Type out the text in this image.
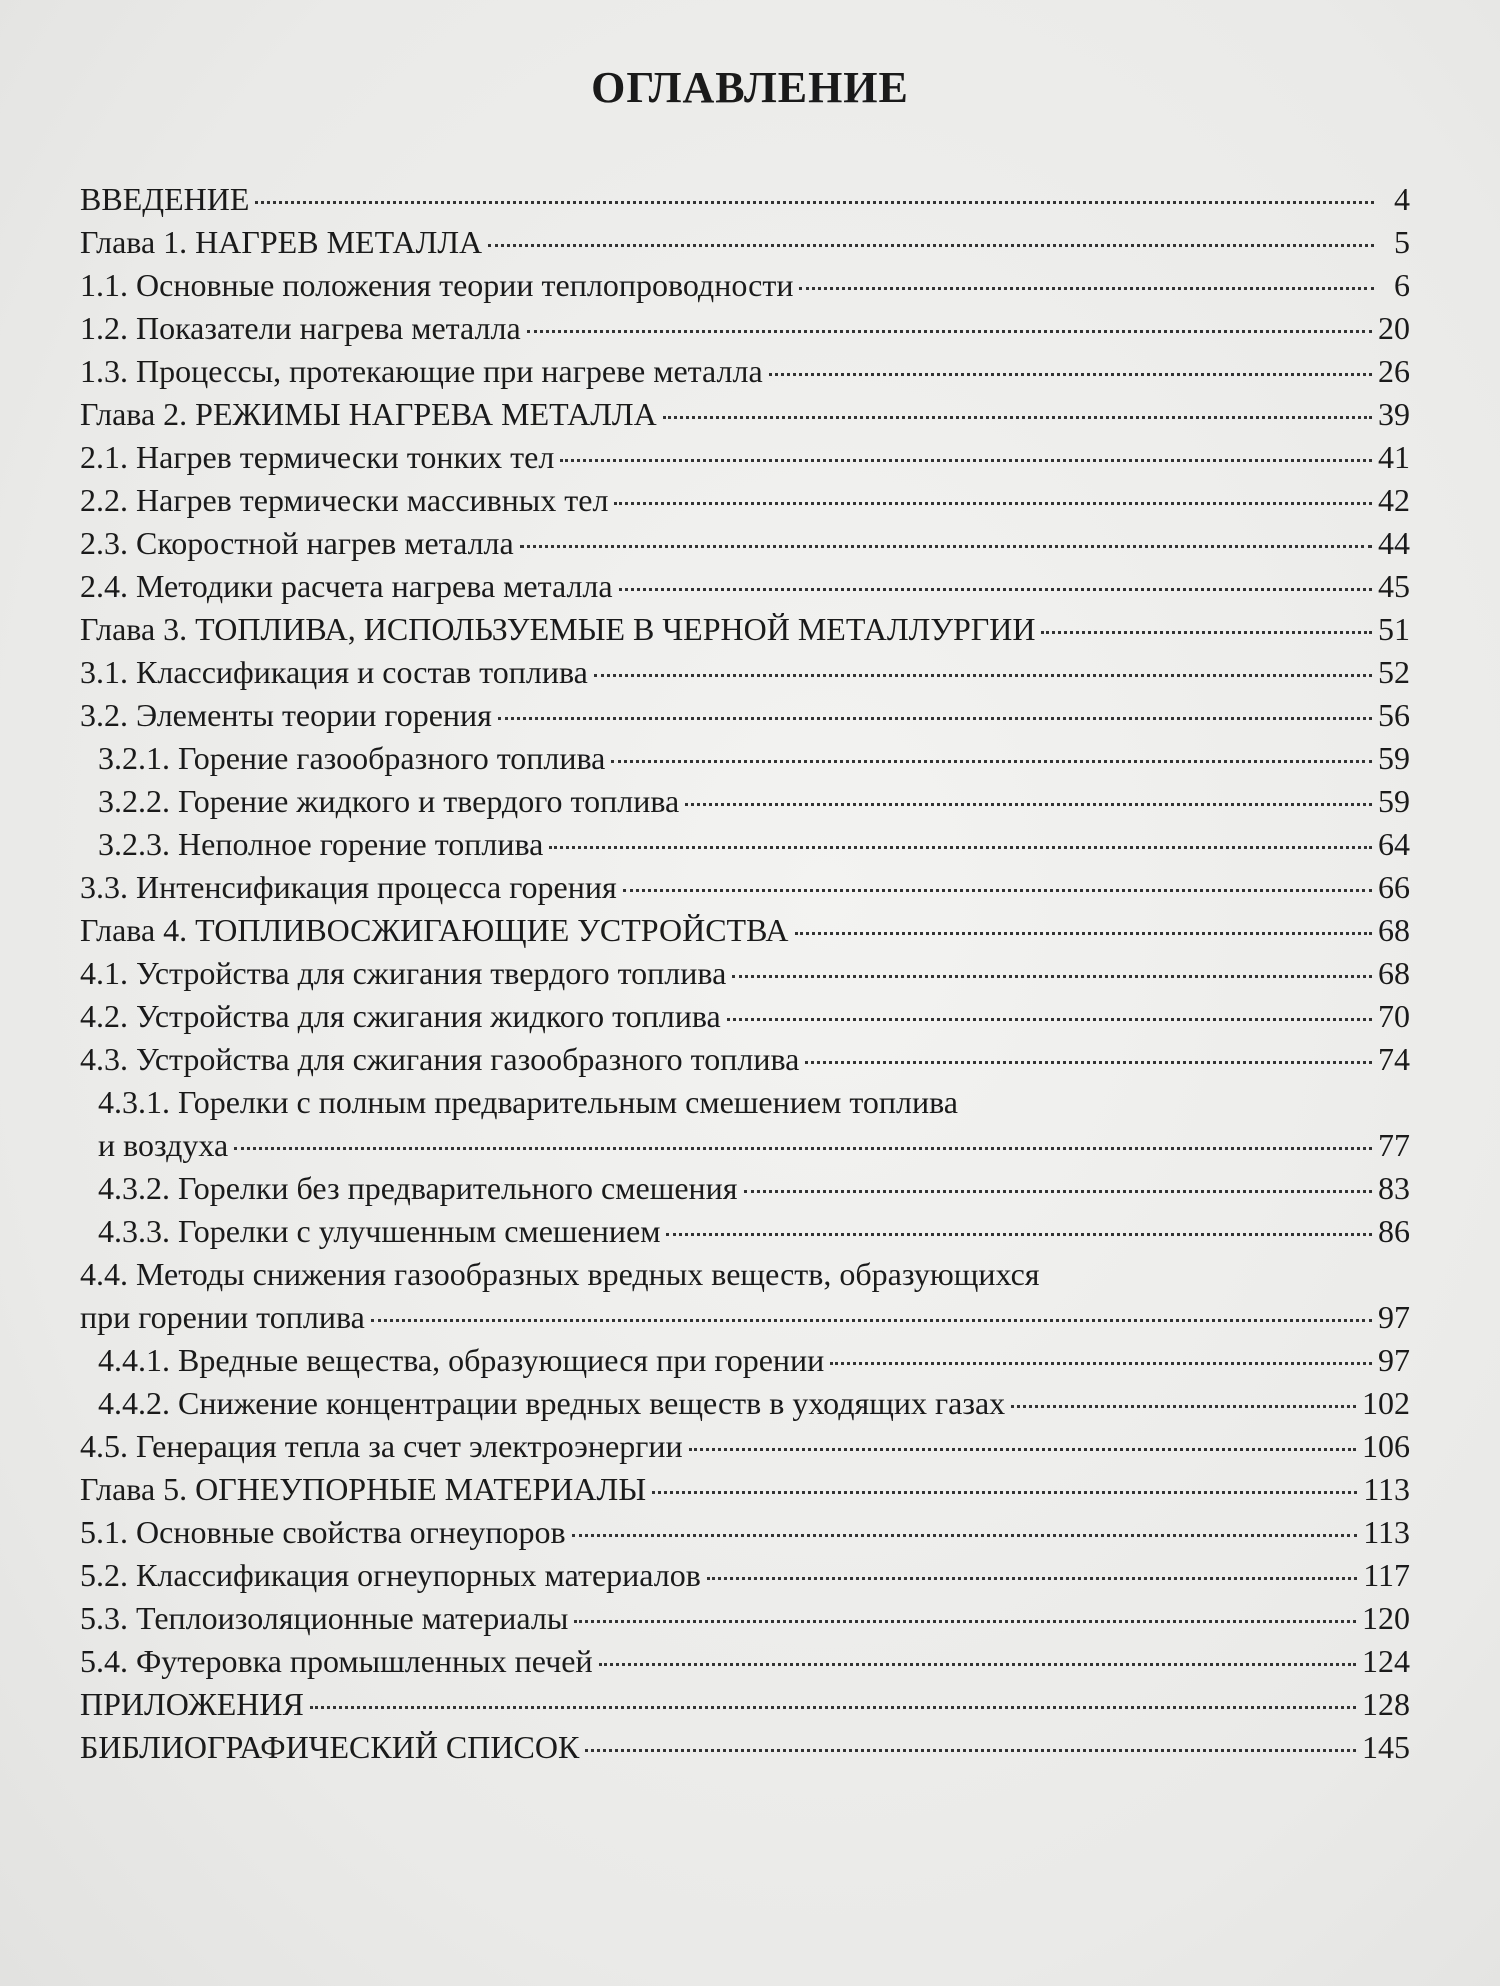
ОГЛАВЛЕНИЕ
ВВЕДЕНИЕ	4
Глава 1. НАГРЕВ МЕТАЛЛА	5
1.1. Основные положения теории теплопроводности	6
1.2. Показатели нагрева металла	20
1.3. Процессы, протекающие при нагреве металла	26
Глава 2. РЕЖИМЫ НАГРЕВА МЕТАЛЛА	39
2.1. Нагрев термически тонких тел	41
2.2. Нагрев термически массивных тел	42
2.3. Скоростной нагрев металла	44
2.4. Методики расчета нагрева металла	45
Глава 3. ТОПЛИВА, ИСПОЛЬЗУЕМЫЕ В ЧЕРНОЙ МЕТАЛЛУРГИИ	51
3.1. Классификация и состав топлива	52
3.2. Элементы теории горения	56
3.2.1. Горение газообразного топлива	59
3.2.2. Горение жидкого и твердого топлива	59
3.2.3. Неполное горение топлива	64
3.3. Интенсификация процесса горения	66
Глава 4. ТОПЛИВОСЖИГАЮЩИЕ УСТРОЙСТВА	68
4.1. Устройства для сжигания твердого топлива	68
4.2. Устройства для сжигания жидкого топлива	70
4.3. Устройства для сжигания газообразного топлива	74
4.3.1. Горелки с полным предварительным смешением топлива
и воздуха	77
4.3.2. Горелки без предварительного смешения	83
4.3.3. Горелки с улучшенным смешением	86
4.4. Методы снижения газообразных вредных веществ, образующихся
при горении топлива	97
4.4.1. Вредные вещества, образующиеся при горении	97
4.4.2. Снижение концентрации вредных веществ в уходящих газах	102
4.5. Генерация тепла за счет электроэнергии	106
Глава 5. ОГНЕУПОРНЫЕ МАТЕРИАЛЫ	113
5.1. Основные свойства огнеупоров	113
5.2. Классификация огнеупорных материалов	117
5.3. Теплоизоляционные материалы	120
5.4. Футеровка промышленных печей	124
ПРИЛОЖЕНИЯ	128
БИБЛИОГРАФИЧЕСКИЙ СПИСОК	145
